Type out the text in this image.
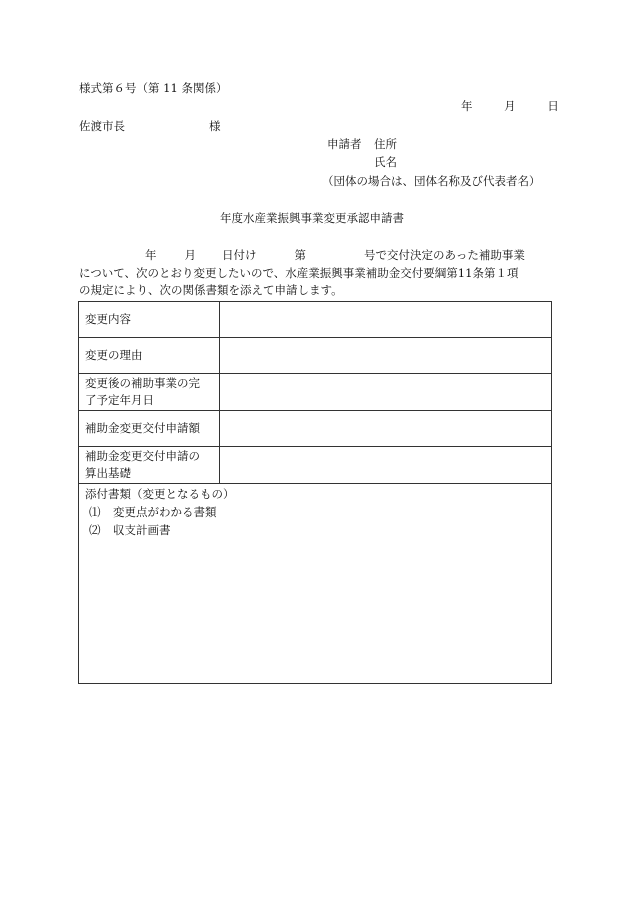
様式第６号（第 11 条関係）
年	月	日
佐渡市長	様
申請者 住所
氏名
（団体の場合は、団体名称及び代表者名）
年度水産業振興事業変更承認申請書
年 月 日付け	第	号で交付決定のあった補助事業
について、次のとおり変更したいので、水産業振興事業補助金交付要綱第11条第１項
の規定により、次の関係書類を添えて申請します。
変更内容	
変更の理由	

変更後の補助事業の完
了予定年月日	

補助金変更交付申請額	

補助金変更交付申請の
算出基礎	

添付書類（変更となるもの）
⑴ 変更点がわかる書類
⑵ 収支計画書	
